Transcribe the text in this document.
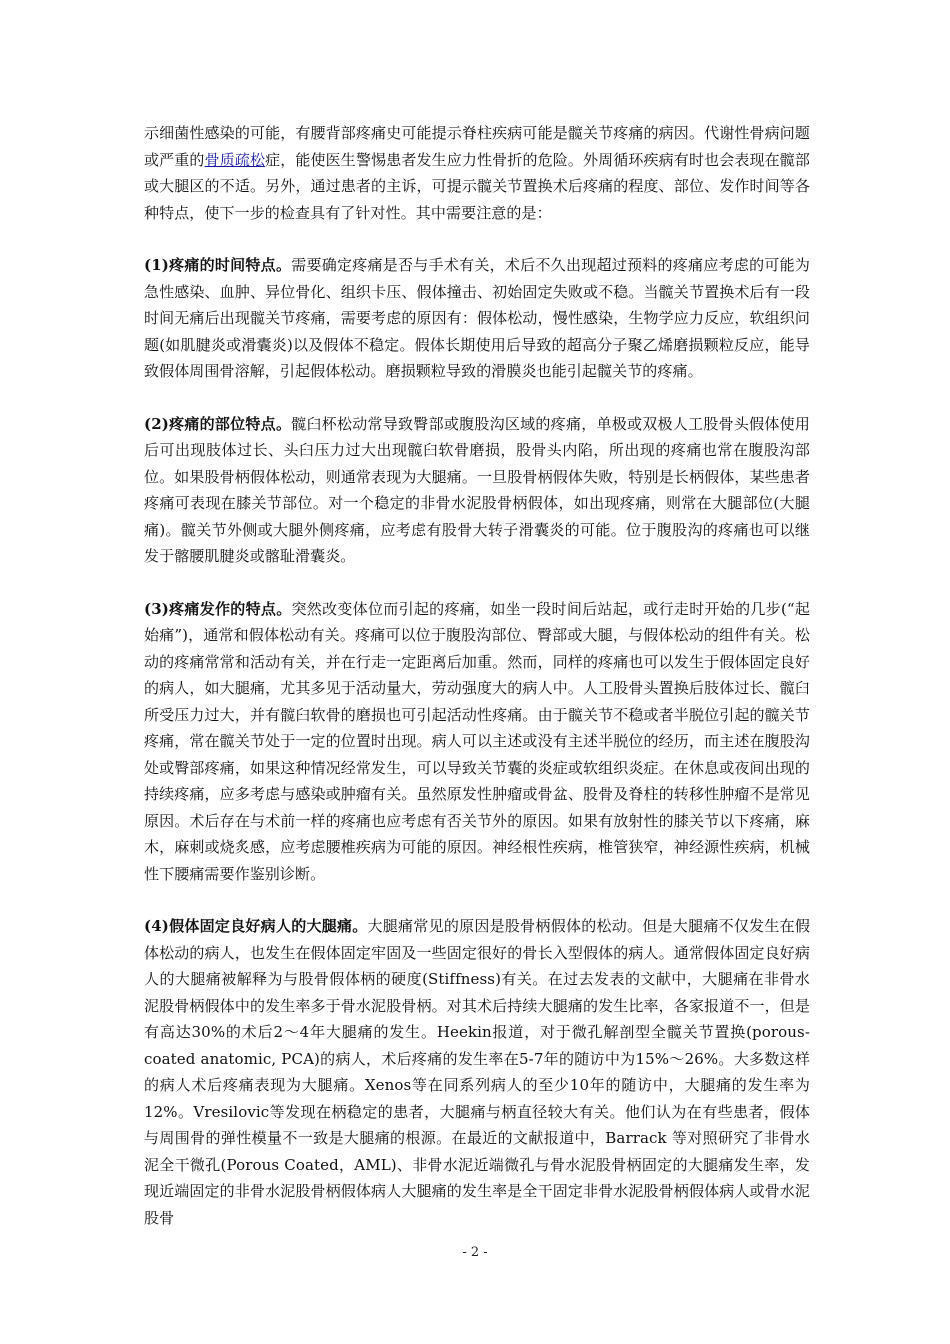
示细菌性感染的可能，有腰背部疼痛史可能提示脊柱疾病可能是髋关节疼痛的病因。代谢性骨病问题或严重的骨质疏松症，能使医生警惕患者发生应力性骨折的危险。外周循环疾病有时也会表现在髋部或大腿区的不适。另外，通过患者的主诉，可提示髋关节置换术后疼痛的程度、部位、发作时间等各种特点，使下一步的检查具有了针对性。其中需要注意的是：

(1)疼痛的时间特点。需要确定疼痛是否与手术有关，术后不久出现超过预料的疼痛应考虑的可能为急性感染、血肿、异位骨化、组织卡压、假体撞击、初始固定失败或不稳。当髋关节置换术后有一段时间无痛后出现髋关节疼痛，需要考虑的原因有：假体松动，慢性感染，生物学应力反应，软组织问题(如肌腱炎或滑囊炎)以及假体不稳定。假体长期使用后导致的超高分子聚乙烯磨损颗粒反应，能导致假体周围骨溶解，引起假体松动。磨损颗粒导致的滑膜炎也能引起髋关节的疼痛。

(2)疼痛的部位特点。髋臼杯松动常导致臀部或腹股沟区域的疼痛，单极或双极人工股骨头假体使用后可出现肢体过长、头臼压力过大出现髋臼软骨磨损，股骨头内陷，所出现的疼痛也常在腹股沟部位。如果股骨柄假体松动，则通常表现为大腿痛。一旦股骨柄假体失败，特别是长柄假体，某些患者疼痛可表现在膝关节部位。对一个稳定的非骨水泥股骨柄假体，如出现疼痛，则常在大腿部位(大腿痛)。髋关节外侧或大腿外侧疼痛，应考虑有股骨大转子滑囊炎的可能。位于腹股沟的疼痛也可以继发于髂腰肌腱炎或髂耻滑囊炎。

(3)疼痛发作的特点。突然改变体位而引起的疼痛，如坐一段时间后站起，或行走时开始的几步(“起始痛”)，通常和假体松动有关。疼痛可以位于腹股沟部位、臀部或大腿，与假体松动的组件有关。松动的疼痛常常和活动有关，并在行走一定距离后加重。然而，同样的疼痛也可以发生于假体固定良好的病人，如大腿痛，尤其多见于活动量大，劳动强度大的病人中。人工股骨头置换后肢体过长、髋臼所受压力过大，并有髋臼软骨的磨损也可引起活动性疼痛。由于髋关节不稳或者半脱位引起的髋关节疼痛，常在髋关节处于一定的位置时出现。病人可以主述或没有主述半脱位的经历，而主述在腹股沟处或臀部疼痛，如果这种情况经常发生，可以导致关节囊的炎症或软组织炎症。在休息或夜间出现的持续疼痛，应多考虑与感染或肿瘤有关。虽然原发性肿瘤或骨盆、股骨及脊柱的转移性肿瘤不是常见原因。术后存在与术前一样的疼痛也应考虑有否关节外的原因。如果有放射性的膝关节以下疼痛，麻木，麻刺或烧炙感，应考虑腰椎疾病为可能的原因。神经根性疾病，椎管狭窄，神经源性疾病，机械性下腰痛需要作鉴别诊断。

(4)假体固定良好病人的大腿痛。大腿痛常见的原因是股骨柄假体的松动。但是大腿痛不仅发生在假体松动的病人，也发生在假体固定牢固及一些固定很好的骨长入型假体的病人。通常假体固定良好病人的大腿痛被解释为与股骨假体柄的硬度(Stiffness)有关。在过去发表的文献中，大腿痛在非骨水泥股骨柄假体中的发生率多于骨水泥股骨柄。对其术后持续大腿痛的发生比率，各家报道不一，但是有高达30%的术后2～4年大腿痛的发生。Heekin报道，对于微孔解剖型全髋关节置换(porous-coated anatomic, PCA)的病人，术后疼痛的发生率在5-7年的随访中为15%～26%。大多数这样的病人术后疼痛表现为大腿痛。Xenos等在同系列病人的至少10年的随访中，大腿痛的发生率为12%。Vresilovic等发现在柄稳定的患者，大腿痛与柄直径较大有关。他们认为在有些患者，假体与周围骨的弹性模量不一致是大腿痛的根源。在最近的文献报道中，Barrack 等对照研究了非骨水泥全干微孔(Porous Coated，AML)、非骨水泥近端微孔与骨水泥股骨柄固定的大腿痛发生率，发现近端固定的非骨水泥股骨柄假体病人大腿痛的发生率是全干固定非骨水泥股骨柄假体病人或骨水泥股骨

- 2 -
